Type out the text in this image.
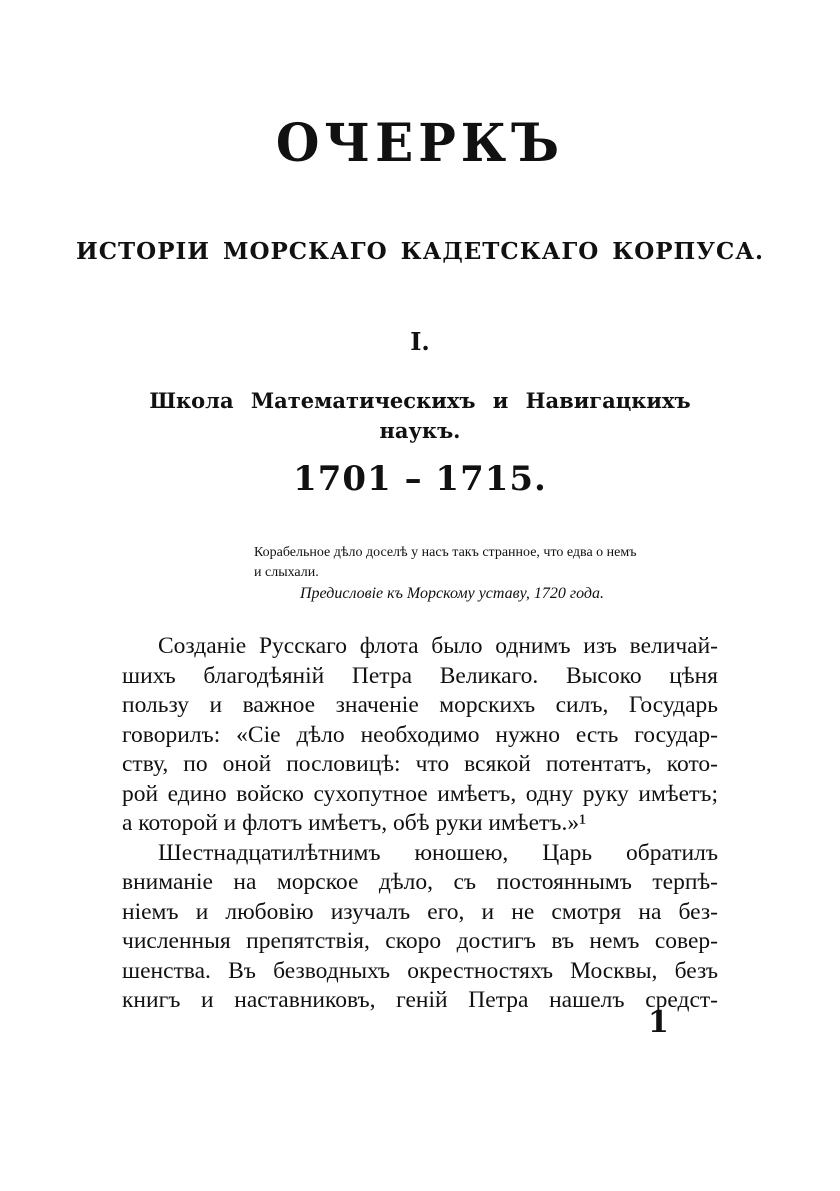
ОЧЕРКЪ
ИСТОРІИ МОРСКАГО КАДЕТСКАГО КОРПУСА.
I.
Школа Математическихъ и Навигацкихъ
наукъ.
1701 – 1715.
Корабельное дѣло доселѣ у насъ такъ странное, что едва о немъ
и слыхали.
Предисловіе къ Морскому уставу, 1720 года.
Созданіе Русскаго флота было однимъ изъ величай-
шихъ благодѣяній Петра Великаго. Высоко цѣня
пользу и важное значеніе морскихъ силъ, Государь
говорилъ: «Сіе дѣло необходимо нужно есть государ-
ству, по оной пословицѣ: что всякой потентатъ, кото-
рой едино войско сухопутное имѣетъ, одну руку имѣетъ;
а которой и флотъ имѣетъ, обѣ руки имѣетъ.»¹
Шестнадцатилѣтнимъ юношею, Царь обратилъ
вниманіе на морское дѣло, съ постояннымъ терпѣ-
ніемъ и любовію изучалъ его, и не смотря на без-
численныя препятствія, скоро достигъ въ немъ совер-
шенства. Въ безводныхъ окрестностяхъ Москвы, безъ
книгъ и наставниковъ, геній Петра нашелъ средст-
1
